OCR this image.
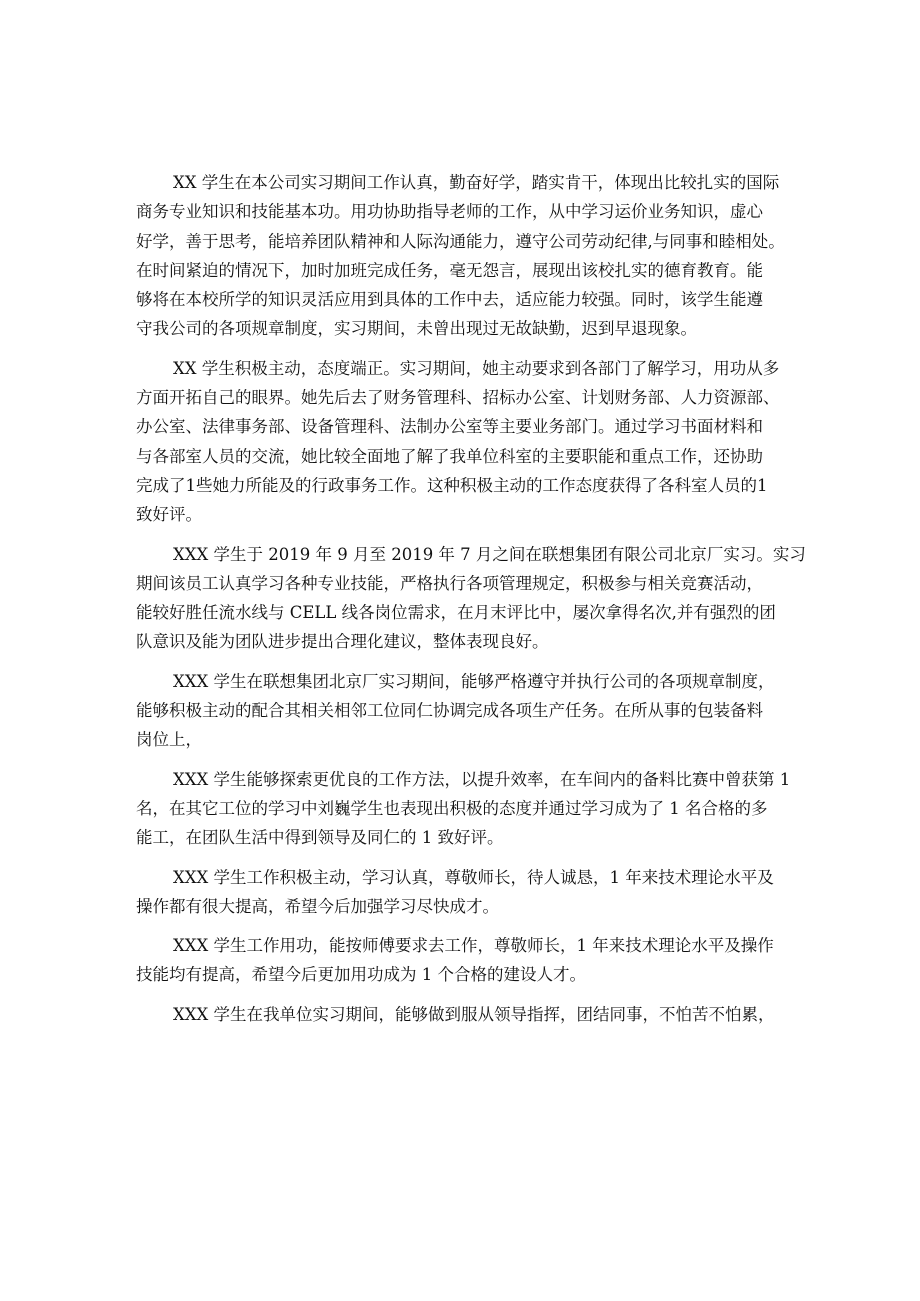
XX 学生在本公司实习期间工作认真，勤奋好学，踏实肯干，体现出比较扎实的国际
商务专业知识和技能基本功。用功协助指导老师的工作，从中学习运价业务知识，虚心
好学，善于思考，能培养团队精神和人际沟通能力，遵守公司劳动纪律,与同事和睦相处。
在时间紧迫的情况下，加时加班完成任务，毫无怨言，展现出该校扎实的德育教育。能
够将在本校所学的知识灵活应用到具体的工作中去，适应能力较强。同时，该学生能遵
守我公司的各项规章制度，实习期间，未曾出现过无故缺勤，迟到早退现象。

XX 学生积极主动，态度端正。实习期间，她主动要求到各部门了解学习，用功从多
方面开拓自己的眼界。她先后去了财务管理科、招标办公室、计划财务部、人力资源部、
办公室、法律事务部、设备管理科、法制办公室等主要业务部门。通过学习书面材料和
与各部室人员的交流，她比较全面地了解了我单位科室的主要职能和重点工作，还协助
完成了1些她力所能及的行政事务工作。这种积极主动的工作态度获得了各科室人员的1
致好评。

XXX 学生于 2019 年 9 月至 2019 年 7 月之间在联想集团有限公司北京厂实习。实习
期间该员工认真学习各种专业技能，严格执行各项管理规定，积极参与相关竞赛活动，
能较好胜任流水线与 CELL 线各岗位需求，在月末评比中，屡次拿得名次,并有强烈的团
队意识及能为团队进步提出合理化建议，整体表现良好。

XXX 学生在联想集团北京厂实习期间，能够严格遵守并执行公司的各项规章制度，
能够积极主动的配合其相关相邻工位同仁协调完成各项生产任务。在所从事的包装备料
岗位上，

XXX 学生能够探索更优良的工作方法，以提升效率，在车间内的备料比赛中曾获第 1
名，在其它工位的学习中刘巍学生也表现出积极的态度并通过学习成为了 1 名合格的多
能工，在团队生活中得到领导及同仁的 1 致好评。

XXX 学生工作积极主动，学习认真，尊敬师长，待人诚恳，1 年来技术理论水平及
操作都有很大提高，希望今后加强学习尽快成才。

XXX 学生工作用功，能按师傅要求去工作，尊敬师长，1 年来技术理论水平及操作
技能均有提高，希望今后更加用功成为 1 个合格的建设人才。

XXX 学生在我单位实习期间，能够做到服从领导指挥，团结同事，不怕苦不怕累，
